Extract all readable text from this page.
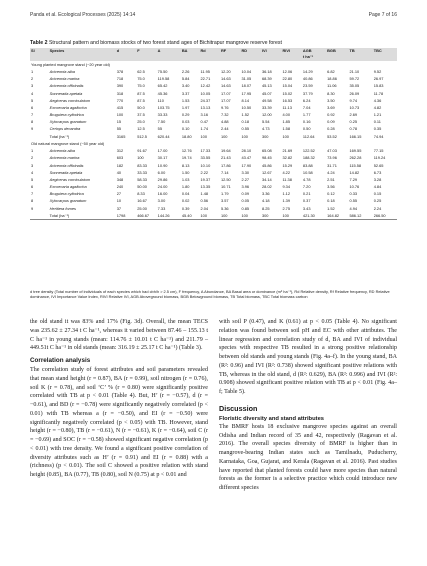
Panda et al. Ecological Processes (2025) 14:14	Page 7 of 16
Table 2 Structural pattern and biomass stocks of two forest stand ages of Bichitrapur mangrove reserve forest
Sl	Species	d	F	A	BA	Rd	RF	RD	IVI	RIVI	AGB	BGB	TB	TBC
											t ha⁻¹			
Young planted mangrove stand (~20 year old)														
1	Avicennia alba	378	62.5	75.50	2.26	11.95	12.20	10.04	36.18	12.06	14.29	6.82	21.10	9.52
2	Avicennia marina	718	75.0	119.58	5.84	22.71	14.63	31.05	68.39	22.80	40.86	18.86	59.72	26.97
3	Avicennia officinalis	390	75.0	65.42	3.40	12.42	14.63	18.07	45.13	15.04	23.59	11.06	35.05	15.83
4	Sonneratia apetala	318	87.5	45.36	3.37	10.05	17.07	17.95	45.07	15.02	37.79	8.30	26.09	11.78
5	Aegiceras corniculatum	770	87.5	110	1.53	24.37	17.07	8.14	49.58	16.53	6.24	3.50	9.74	4.36
6	Excoecaria agallocha	415	50.0	103.75	1.97	13.13	9.76	10.50	33.39	11.13	7.04	3.69	10.73	4.82
7	Bruguiera cylindrica	100	37.5	33.33	0.29	3.16	7.32	1.52	12.00	4.00	1.77	0.92	2.69	1.21
8	Xylocarpus granatum	15	25.0	7.50	0.03	0.47	4.88	0.18	5.54	1.85	0.16	0.09	0.25	0.11
9	Ceriops decandra	55	12.5	55	0.10	1.74	2.44	0.55	4.73	1.58	0.50	0.28	0.78	0.35
	Total (ha⁻¹)	3165	512.5	620.44	18.80	100	100	100	300	100	112.64	53.52	166.15	74.94
Old natural mangrove stand (~50 year old)														
1	Avicennia alba	312	91.67	17.00	12.76	17.33	19.64	28.10	65.08	21.69	122.52	47.03	169.55	77.15
2	Avicennia marina	603	100	30.17	19.74	33.55	21.43	43.47	98.45	32.82	188.32	73.96	262.28	119.24
3	Avicennia officinalis	182	83.33	10.90	8.13	10.10	17.86	17.90	45.86	15.29	83.88	31.71	115.58	52.65
4	Sonneratia apetala	40	33.33	6.00	1.50	2.22	7.14	3.30	12.67	4.22	10.58	4.24	14.82	6.73
5	Aegiceras corniculatum	348	58.33	29.86	1.03	19.37	12.50	2.27	34.14	11.38	4.78	2.51	7.29	3.28
6	Excoecaria agallocha	240	50.00	24.00	1.80	13.35	10.71	3.96	28.02	9.34	7.20	3.56	10.76	4.84
7	Bruguiera cylindrica	27	8.33	16.00	0.04	1.48	1.79	0.09	3.36	1.12	0.21	0.12	0.33	0.15
8	Xylocarpus granatum	10	16.67	3.00	0.02	0.56	3.57	0.05	4.18	1.39	0.37	0.18	0.55	0.25
9	Heritiera fomes	37	25.00	7.33	0.39	2.04	5.36	0.85	8.25	2.75	3.43	1.52	4.94	2.24
	Total (ha⁻¹)	1798	466.67	144.26	45.40	100	100	100	300	100	421.30	164.82	586.12	266.50
d tree density (Total number of individuals of each species which had cbh/h > 2.5 cm), F frequency, A Abundance, BA Basal area or dominance (m² ha⁻¹), Rd Relative density, Rf Relative frequency, RD Relative dominance, IVI Importance Value Index, RIVI Relative IVI, AGB Aboveground biomass, BGB Belowground biomass, TB Total biomass, TBC Total biomass carbon

the old stand it was 83% and 17% (Fig. 3d). Overall, the mean TECS was 235.62 ± 27.34 t C ha⁻¹, whereas it varied between 87.46 – 155.13 t C ha⁻¹ in young stands (mean: 114.76 ± 10.01 t C ha⁻¹) and 211.79 – 449.51t C ha⁻¹ in old stands (mean: 316.19 ± 25.17 t C ha⁻¹) (Table 3).

Correlation analysis

The correlation study of forest attributes and soil parameters revealed that mean stand height (r = 0.87), BA (r = 0.99), soil nitrogen (r = 0.76), soil K (r = 0.78), and soil ‘C’ % (r = 0.80) were significantly positive correlated with TB at p < 0.01 (Table 4). But, H’ (r = −0.57), d (r = −0.61), and BD (r = −0.78) were significantly negatively correlated (p < 0.01) with TB whereas a (r = −0.50), and EI (r = −0.50) were significantly negatively correlated (p < 0.05) with TB. However, stand height (r = −0.80), TB (r = −0.61), N (r = −0.61), K (r = −0.64), soil C (r = −0.69) and SOC (r = −0.58) showed significant negative correlation (p < 0.01) with tree density. We found a significant positive correlation of diversity attributes such as H’ (r = 0.91) and EI (r = 0.88) with a (richness) (p < 0.01). The soil C showed a positive relation with stand height (0.85), BA (0.77), TB (0.80), soil N (0.75) at p < 0.01 and

with soil P (0.47), and K (0.61) at p < 0.05 (Table 4). No significant relation was found between soil pH and EC with other attributes. The linear regression and correlation study of d, BA and IVI of individual species with respective TB resulted in a strong positive relationship between old stands and young stands (Fig. 4a–f). In the young stand, BA (R²: 0.96) and IVI (R²: 0.738) showed significant positive relations with TB, whereas in the old stand, d (R²: 0.629), BA (R²: 0.996) and IVI (R²: 0.908) showed significant positive relation with TB at p < 0.01 (Fig. 4a–f; Table 5).

Discussion
Floristic diversity and stand attributes

The BMRF hosts 18 exclusive mangrove species against an overall Odisha and Indian record of 35 and 42, respectively (Ragavan et al. 2016). The overall species diversity of BMRF is higher than in mangrove-bearing Indian states such as Tamilnadu, Puducherry, Karnataka, Goa, Gujarat, and Kerala (Ragavan et al. 2016). Past studies have reported that planted forests could have more species than natural forests as the former is a selective practice which could introduce new different species
